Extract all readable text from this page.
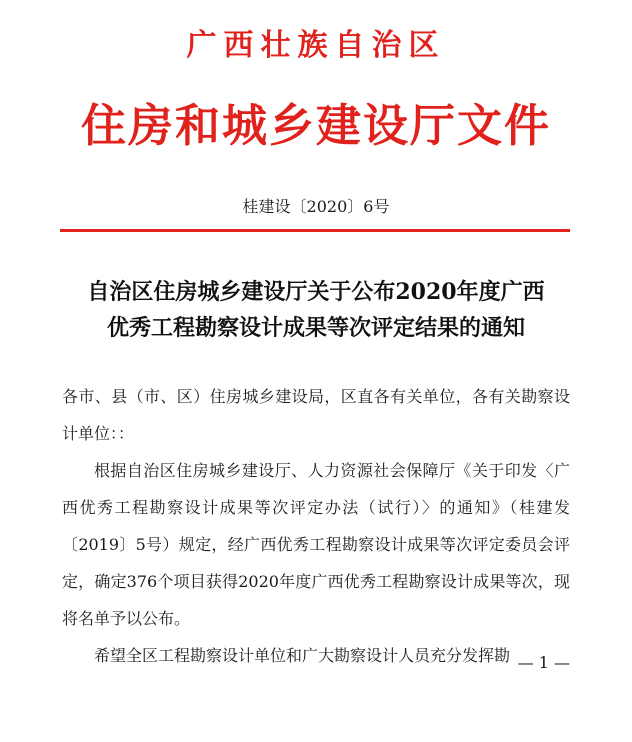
广西壮族自治区
住房和城乡建设厅文件
桂建设〔2020〕6号
自治区住房城乡建设厅关于公布2020年度广西
优秀工程勘察设计成果等次评定结果的通知

各市、县（市、区）住房城乡建设局，区直各有关单位，各有关勘察设计单位：：

根据自治区住房城乡建设厅、人力资源社会保障厅《关于印发〈广西优秀工程勘察设计成果等次评定办法（试行）〉的通知》（桂建发〔2019〕5号）规定，经广西优秀工程勘察设计成果等次评定委员会评定，确定376个项目获得2020年度广西优秀工程勘察设计成果等次，现将名单予以公布。

希望全区工程勘察设计单位和广大勘察设计人员充分发挥勘 — 1 —
